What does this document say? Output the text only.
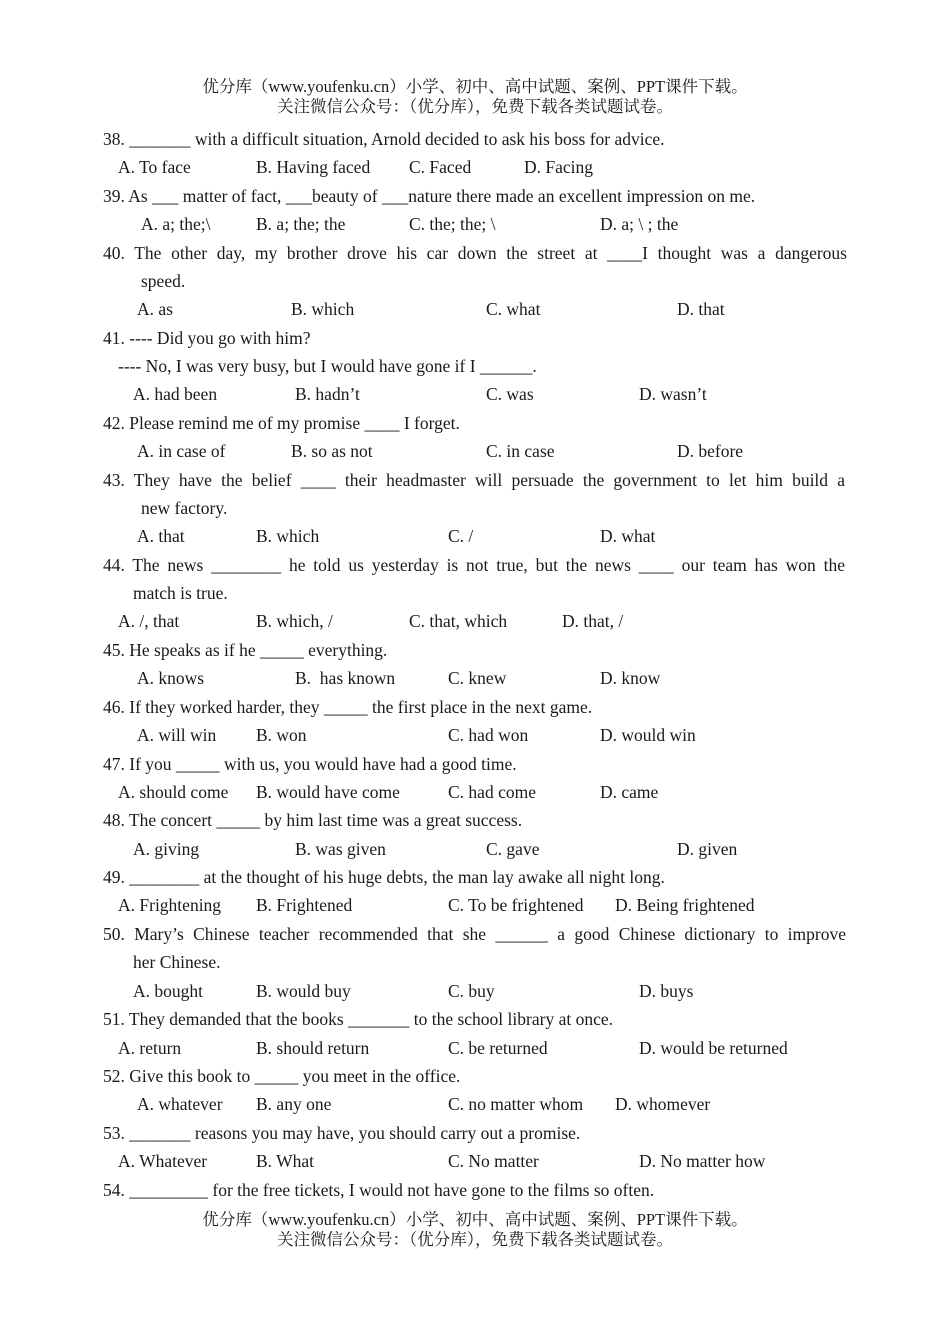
优分库（www.youfenku.cn）小学、初中、高中试题、案例、PPT课件下载。
关注微信公众号：（优分库），免费下载各类试题试卷。
38. _______ with a difficult situation, Arnold decided to ask his boss for advice.
A. To face	B. Having faced C. Faced	D. Facing
39. As ___ matter of fact, ___beauty of ___nature there made an excellent impression on me.
A. a; the;\	B. a; the; the	C. the; the; \	D. a; \ ; the
40. The other day, my brother drove his car down the street at ____I thought was a dangerous
speed.
A. as	B. which	C. what	D. that
41. ---- Did you go with him?
---- No, I was very busy, but I would have gone if I ______.
A. had been	B. hadn’t	C. was	D. wasn’t
42. Please remind me of my promise ____ I forget.
A. in case of	B. so as not	C. in case	D. before
43. They have the belief ____ their headmaster will persuade the government to let him build a
new factory.
A. that	B. which	C. /	D. what
44. The news ________ he told us yesterday is not true, but the news ____ our team has won the
match is true.
A. /, that	B. which, /	C. that, which	D. that, /
45. He speaks as if he _____ everything.
A. knows	B.  has known	C. knew	D. know
46. If they worked harder, they _____ the first place in the next game.
A. will win B. won	C. had won	D. would win
47. If you _____ with us, you would have had a good time.
A. should come B. would have come	C. had come	D. came
48. The concert _____ by him last time was a great success.
A. giving	B. was given	C. gave	D. given
49. ________ at the thought of his huge debts, the man lay awake all night long.
A. Frightening B. Frightened	C. To be frightened D. Being frightened
50. Mary’s Chinese teacher recommended that she ______ a good Chinese dictionary to improve
her Chinese.
A. bought	B. would buy	C. buy	D. buys
51. They demanded that the books _______ to the school library at once.
A. return	B. should return	C. be returned	D. would be returned
52. Give this book to _____ you meet in the office.
A. whatever B. any one	C. no matter whom D. whomever
53. _______ reasons you may have, you should carry out a promise.
A. Whatever	B. What	C. No matter	D. No matter how
54. _________ for the free tickets, I would not have gone to the films so often.
优分库（www.youfenku.cn）小学、初中、高中试题、案例、PPT课件下载。
关注微信公众号：（优分库），免费下载各类试题试卷。
